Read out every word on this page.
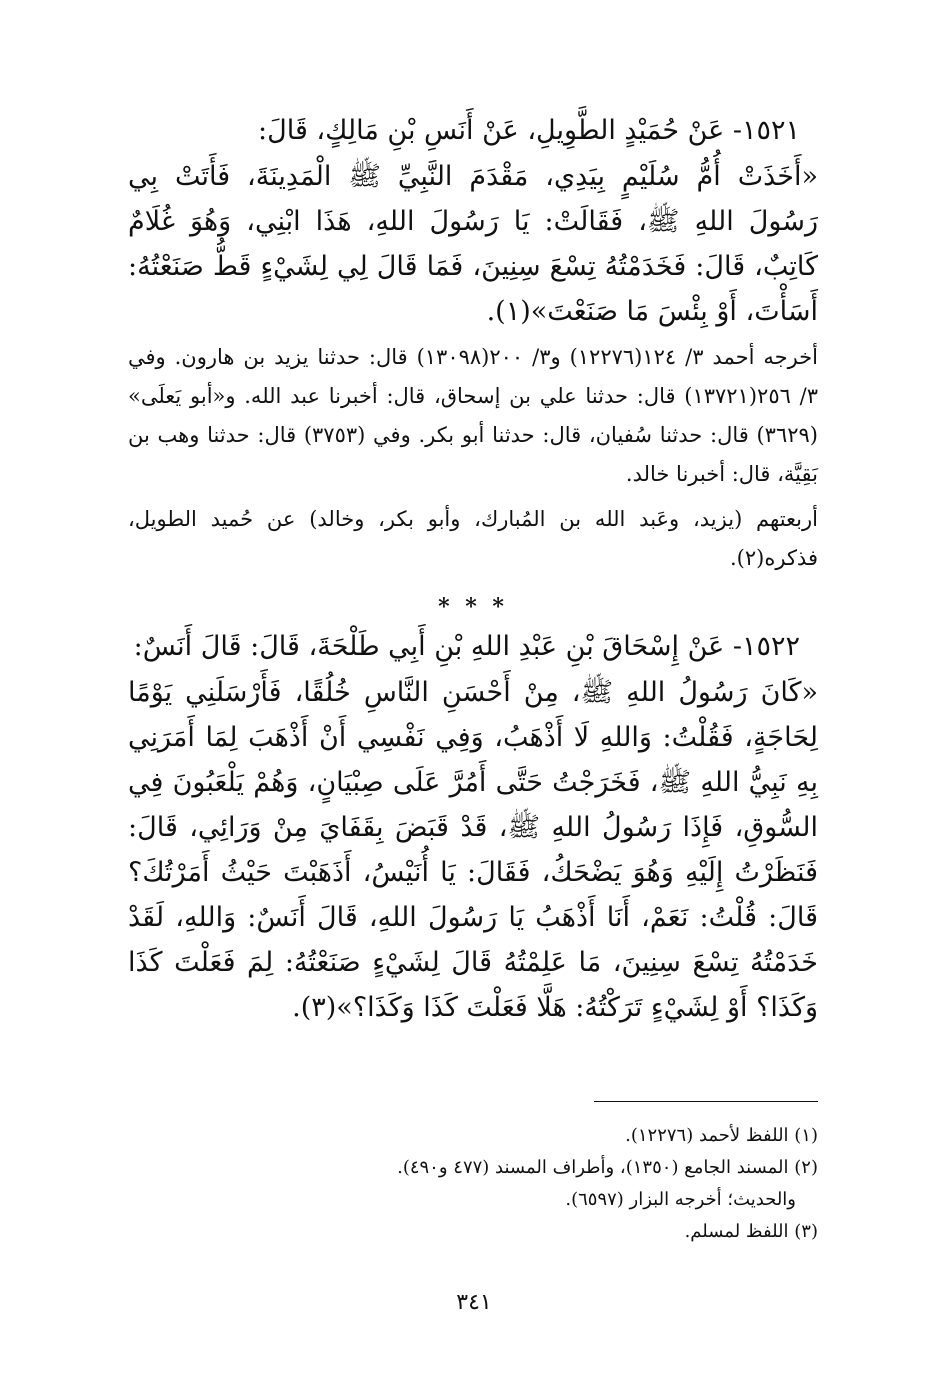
١٥٢١- عَنْ حُمَيْدٍ الطَّوِيلِ، عَنْ أَنَسِ بْنِ مَالِكٍ، قَالَ:

«أَخَذَتْ أُمُّ سُلَيْمٍ بِيَدِي، مَقْدَمَ النَّبِيِّ ﷺ الْمَدِينَةَ، فَأَتَتْ بِي رَسُولَ اللهِ ﷺ، فَقَالَتْ: يَا رَسُولَ اللهِ، هَذَا ابْنِي، وَهُوَ غُلَامٌ كَاتِبٌ، قَالَ: فَخَدَمْتُهُ تِسْعَ سِنِينَ، فَمَا قَالَ لِي لِشَيْءٍ قَطُّ صَنَعْتُهُ: أَسَأْتَ، أَوْ بِئْسَ مَا صَنَعْتَ»(١).

أخرجه أحمد ٣/ ١٢٤(١٢٢٧٦) و٣/ ٢٠٠(١٣٠٩٨) قال: حدثنا يزيد بن هارون. وفي ٣/ ٢٥٦(١٣٧٢١) قال: حدثنا علي بن إسحاق، قال: أخبرنا عبد الله. و«أبو يَعلَى» (٣٦٢٩) قال: حدثنا سُفيان، قال: حدثنا أبو بكر. وفي (٣٧٥٣) قال: حدثنا وهب بن بَقِيَّة، قال: أخبرنا خالد.

أربعتهم (يزيد، وعَبد الله بن المُبارك، وأبو بكر، وخالد) عن حُميد الطويل، فذكره(٢).

* * *

١٥٢٢- عَنْ إِسْحَاقَ بْنِ عَبْدِ اللهِ بْنِ أَبِي طَلْحَةَ، قَالَ: قَالَ أَنَسٌ:

«كَانَ رَسُولُ اللهِ ﷺ، مِنْ أَحْسَنِ النَّاسِ خُلُقًا، فَأَرْسَلَنِي يَوْمًا لِحَاجَةٍ، فَقُلْتُ: وَاللهِ لَا أَذْهَبُ، وَفِي نَفْسِي أَنْ أَذْهَبَ لِمَا أَمَرَنِي بِهِ نَبِيُّ اللهِ ﷺ، فَخَرَجْتُ حَتَّى أَمُرَّ عَلَى صِبْيَانٍ، وَهُمْ يَلْعَبُونَ فِي السُّوقِ، فَإِذَا رَسُولُ اللهِ ﷺ، قَدْ قَبَضَ بِقَفَايَ مِنْ وَرَائِي، قَالَ: فَنَظَرْتُ إِلَيْهِ وَهُوَ يَضْحَكُ، فَقَالَ: يَا أُنَيْسُ، أَذَهَبْتَ حَيْثُ أَمَرْتُكَ؟ قَالَ: قُلْتُ: نَعَمْ، أَنَا أَذْهَبُ يَا رَسُولَ اللهِ، قَالَ أَنَسٌ: وَاللهِ، لَقَدْ خَدَمْتُهُ تِسْعَ سِنِينَ، مَا عَلِمْتُهُ قَالَ لِشَيْءٍ صَنَعْتُهُ: لِمَ فَعَلْتَ كَذَا وَكَذَا؟ أَوْ لِشَيْءٍ تَرَكْتُهُ: هَلَّا فَعَلْتَ كَذَا وَكَذَا؟»(٣).

(١) اللفظ لأحمد (١٢٢٧٦).

(٢) المسند الجامع (١٣٥٠)، وأطراف المسند (٤٧٧ و٤٩٠).

والحديث؛ أخرجه البزار (٦٥٩٧).

(٣) اللفظ لمسلم.

٣٤١
